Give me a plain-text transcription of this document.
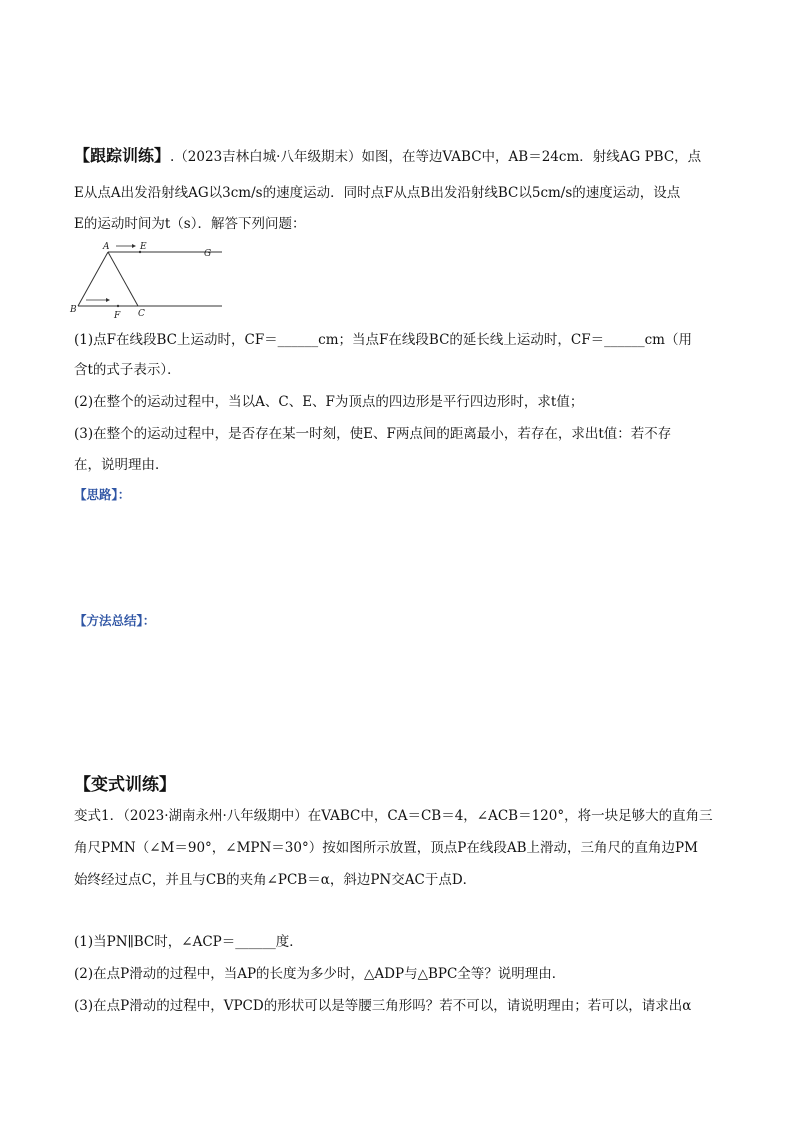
【跟踪训练】.（2023吉林白城·八年级期末）如图，在等边VABC中，AB＝24cm．射线AG PBC，点
E从点A出发沿射线AG以3cm/s的速度运动．同时点F从点B出发沿射线BC以5cm/s的速度运动，设点
E的运动时间为t（s）．解答下列问题：
A	E
G
B
F C
(1)点F在线段BC上运动时，CF＝______cm；当点F在线段BC的延长线上运动时，CF＝______cm（用
含t的式子表示）．
(2)在整个的运动过程中，当以A、C、E、F为顶点的四边形是平行四边形时，求t值；
(3)在整个的运动过程中，是否存在某一时刻，使E、F两点间的距离最小，若存在，求出t值：若不存
在，说明理由．
【思路】：
【方法总结】：
【变式训练】
变式1．（2023·湖南永州·八年级期中）在VABC中，CA＝CB＝4，∠ACB＝120°，将一块足够大的直角三
角尺PMN（∠M＝90°，∠MPN＝30°）按如图所示放置，顶点P在线段AB上滑动，三角尺的直角边PM
始终经过点C，并且与CB的夹角∠PCB＝α，斜边PN交AC于点D．
(1)当PN∥BC时，∠ACP＝______度．
(2)在点P滑动的过程中，当AP的长度为多少时，△ADP与△BPC全等？说明理由．
(3)在点P滑动的过程中，VPCD的形状可以是等腰三角形吗？若不可以，请说明理由；若可以，请求出α
